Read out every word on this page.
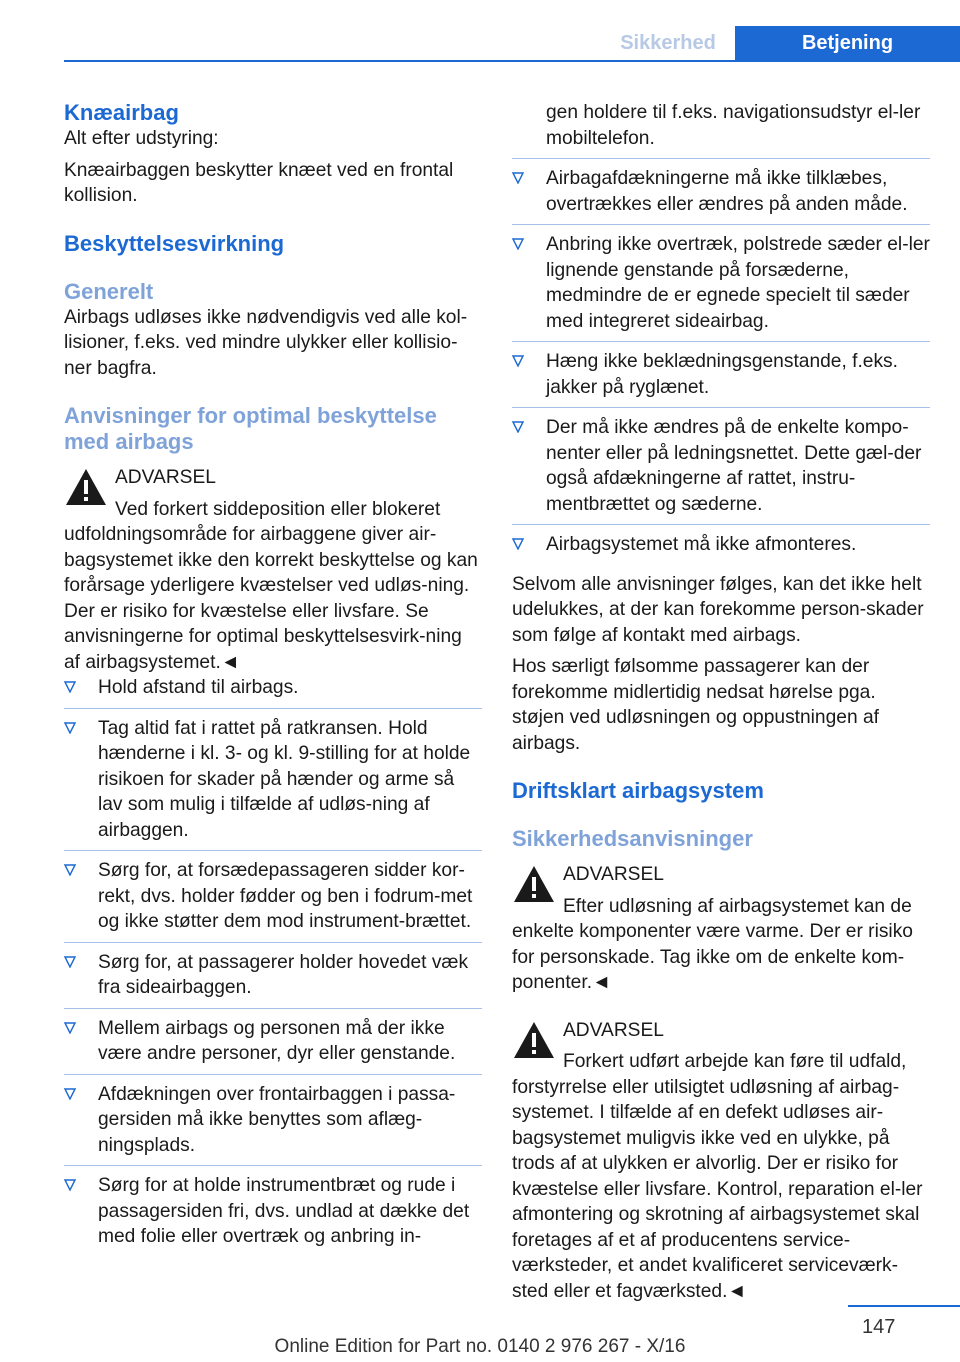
Sikkerhed	Betjening

Knæairbag

Alt efter udstyring:

Knæairbaggen beskytter knæet ved en frontal kollision.

Beskyttelsesvirkning

Generelt

Airbags udløses ikke nødvendigvis ved alle kol-lisioner, f.eks. ved mindre ulykker eller kollisio-ner bagfra.

Anvisninger for optimal beskyttelse med airbags

ADVARSEL

Ved forkert siddeposition eller blokeret udfoldningsområde for airbaggene giver air-bagsystemet ikke den korrekt beskyttelse og kan forårsage yderligere kvæstelser ved udløs-ning. Der er risiko for kvæstelse eller livsfare. Se anvisningerne for optimal beskyttelsesvirk-ning af airbagsystemet.◄

Hold afstand til airbags.
Tag altid fat i rattet på ratkransen. Hold hænderne i kl. 3- og kl. 9-stilling for at holde risikoen for skader på hænder og arme så lav som mulig i tilfælde af udløs-ning af airbaggen.
Sørg for, at forsædepassageren sidder kor-rekt, dvs. holder fødder og ben i fodrum-met og ikke støtter dem mod instrument-brættet.
Sørg for, at passagerer holder hovedet væk fra sideairbaggen.
Mellem airbags og personen må der ikke være andre personer, dyr eller genstande.
Afdækningen over frontairbaggen i passa-gersiden må ikke benyttes som aflæg-ningsplads.
Sørg for at holde instrumentbræt og rude i passagersiden fri, dvs. undlad at dække det med folie eller overtræk og anbring in-
gen holdere til f.eks. navigationsudstyr el-ler mobiltelefon.
Airbagafdækningerne må ikke tilklæbes, overtrækkes eller ændres på anden måde.
Anbring ikke overtræk, polstrede sæder el-ler lignende genstande på forsæderne, medmindre de er egnede specielt til sæder med integreret sideairbag.
Hæng ikke beklædningsgenstande, f.eks. jakker på ryglænet.
Der må ikke ændres på de enkelte kompo-nenter eller på ledningsnettet. Dette gæl-der også afdækningerne af rattet, instru-mentbrættet og sæderne.
Airbagsystemet må ikke afmonteres.

Selvom alle anvisninger følges, kan det ikke helt udelukkes, at der kan forekomme person-skader som følge af kontakt med airbags.

Hos særligt følsomme passagerer kan der forekomme midlertidig nedsat hørelse pga. støjen ved udløsningen og oppustningen af airbags.

Driftsklart airbagsystem

Sikkerhedsanvisninger

ADVARSEL

Efter udløsning af airbagsystemet kan de enkelte komponenter være varme. Der er risiko for personskade. Tag ikke om de enkelte kom-ponenter.◄

ADVARSEL

Forkert udført arbejde kan føre til udfald, forstyrrelse eller utilsigtet udløsning af airbag-systemet. I tilfælde af en defekt udløses air-bagsystemet muligvis ikke ved en ulykke, på trods af at ulykken er alvorlig. Der er risiko for kvæstelse eller livsfare. Kontrol, reparation el-ler afmontering og skrotning af airbagsystemet skal foretages af et af producentens service-værksteder, et andet kvalificeret serviceværk-sted eller et fagværksted.◄

147
Online Edition for Part no. 0140 2 976 267 - X/16
